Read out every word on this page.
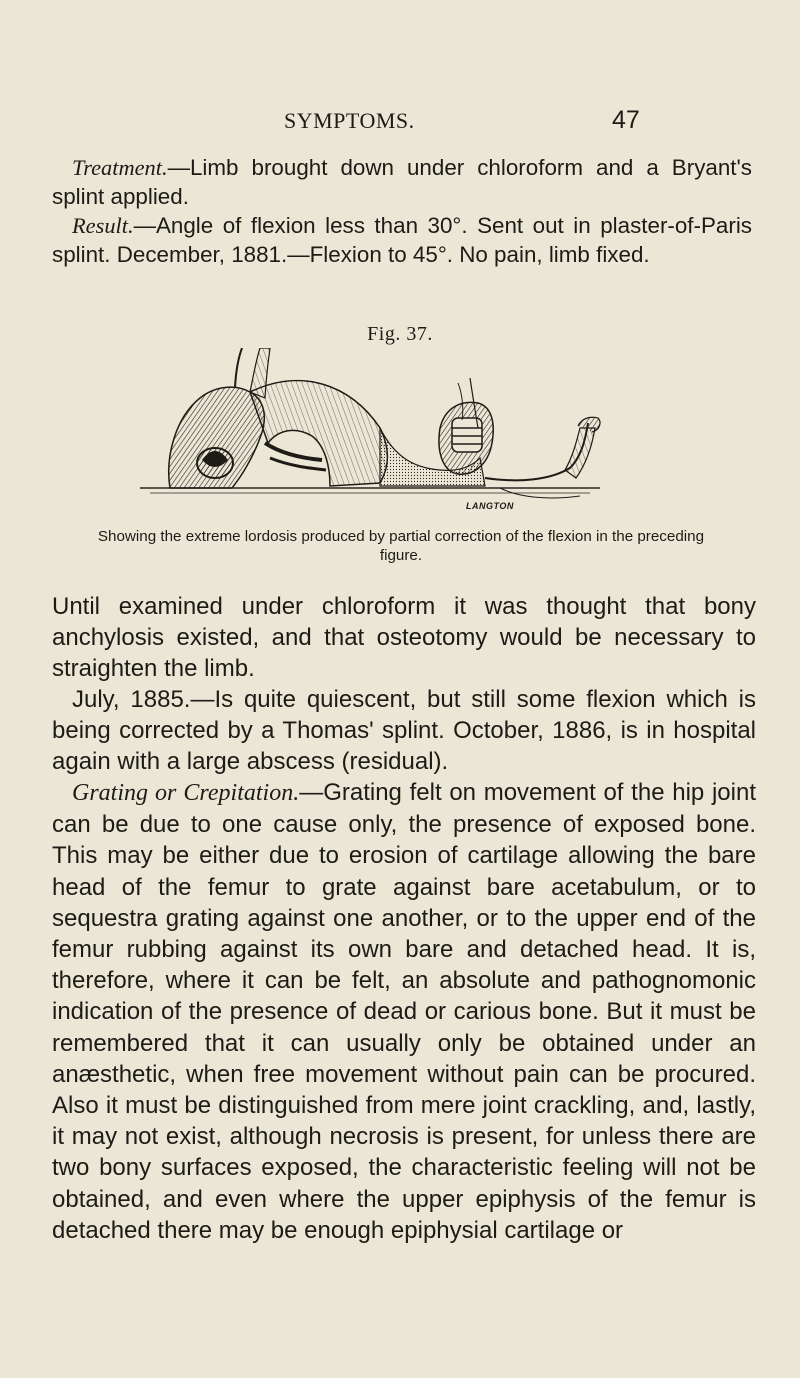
SYMPTOMS.	47

Treatment.—Limb brought down under chloroform and a Bryant's splint applied.

Result.—Angle of flexion less than 30°. Sent out in plaster-of-Paris splint. December, 1881.—Flexion to 45°. No pain, limb fixed.

Fig. 37.
LANGTON
Showing the extreme lordosis produced by partial correction of the flexion in the preceding figure.

Until examined under chloroform it was thought that bony anchylosis existed, and that osteotomy would be necessary to straighten the limb.

July, 1885.—Is quite quiescent, but still some flexion which is being corrected by a Thomas' splint. October, 1886, is in hospital again with a large abscess (residual).

Grating or Crepitation.—Grating felt on movement of the hip joint can be due to one cause only, the presence of exposed bone. This may be either due to erosion of cartilage allowing the bare head of the femur to grate against bare acetabulum, or to sequestra grating against one another, or to the upper end of the femur rubbing against its own bare and detached head. It is, therefore, where it can be felt, an absolute and pathognomonic indication of the presence of dead or carious bone. But it must be remembered that it can usually only be obtained under an anæsthetic, when free movement without pain can be procured. Also it must be distinguished from mere joint crackling, and, lastly, it may not exist, although necrosis is present, for unless there are two bony surfaces exposed, the characteristic feeling will not be obtained, and even where the upper epiphysis of the femur is detached there may be enough epiphysial cartilage or
